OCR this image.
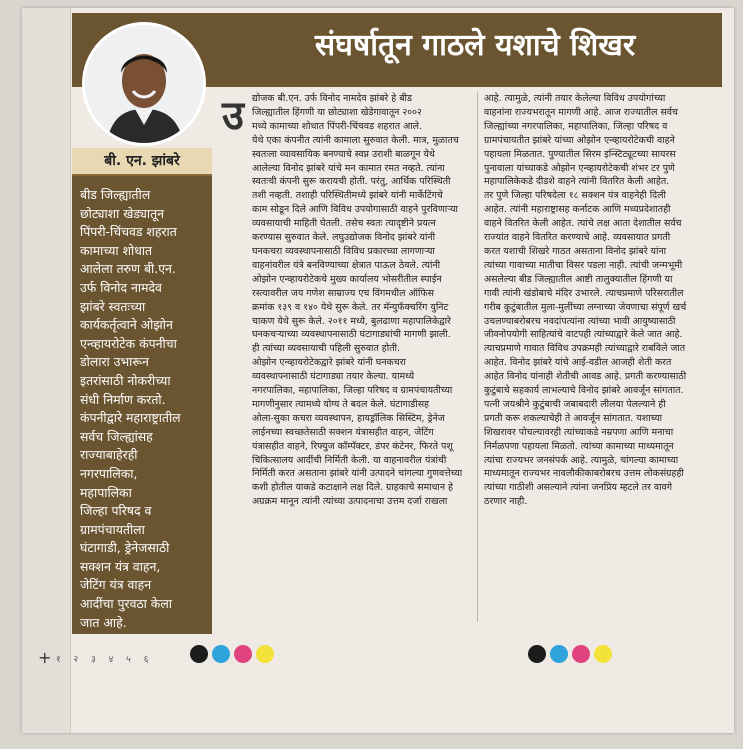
संघर्षातून गाठले यशाचे शिखर
बी. एन. झांबरे
बीड जिल्ह्यातील
छोट्याशा खेड्यातून
पिंपरी-चिंचवड शहरात
कामाच्या शोधात
आलेला तरुण बी.एन.
उर्फ विनोद नामदेव
झांबरे स्वतःच्या
कार्यकर्तृत्वाने ओझोन
एन्व्हायरोटेक कंपनीचा
डोलारा उभारून
इतरांसाठी नोकरीच्या
संधी निर्माण करतो.
कंपनीद्वारे महाराष्ट्रातील
सर्वच जिल्ह्यांसह
राज्याबाहेरही
नगरपालिका,
महापालिका
जिल्हा परिषद व
ग्रामपंचायतीला
घंटागाडी, ड्रेनेजसाठी
सक्शन यंत्र वाहन,
जेटिंग यंत्र वाहन
आदींचा पुरवठा केला
जात आहे.
उ द्योजक बी.एन. उर्फ विनोद नामदेव झांबरे हे बीड
जिल्ह्यातील हिंगणी या छोट्याशा खेडेगावातून २००२
मध्ये कामाच्या शोधात पिंपरी-चिंचवड शहरात आले.
येथे एका कंपनीत त्यांनी कामाला सुरुवात केली. मात्र, मुळातच
स्वतःला व्यावसायिक बनण्याचे स्वप्न उराशी बाळगून येथे
आलेल्या विनोद झांबरे यांचे मन कामात रमत नव्हते. त्यांना
स्वतःची कंपनी सुरू करायची होती. परंतु, आर्थिक परिस्थिती
तशी नव्हती. तशाही परिस्थितीमध्ये झांबरे यांनी मार्केटिंगचे
काम सोडून दिले आणि विविध उपयोगासाठी वाहने पुरविणाऱ्या
व्यवसायाची माहिती घेतली. तसेच स्वतः त्यादृष्टीने प्रयत्न
करण्यास सुरुवात केले. लघुउद्योजक विनोद झांबरे यांनी
घनकचरा व्यवस्थापनासाठी विविध प्रकारच्या लागणाऱ्या
वाहनांवरील यंत्रे बनविण्याच्या क्षेत्रात पाऊल ठेवले. त्यांनी
ओझोन एन्व्हायरोटेकचे मुख्य कार्यालय भोसरीतील स्पाईन
रस्त्यावरील जय गणेश साम्राज्य एच विंगमधील ऑफिस
क्रमांक १३९ व १४० येथे सुरू केले. तर मॅन्युफॅक्चरिंग युनिट
चाकण येथे सुरू केले. २०११ मध्ये, बुलढाणा महापालिकेद्वारे
घनकचऱ्याच्या व्यवस्थापनासाठी घंटागाड्यांची मागणी झाली.
ही त्यांच्या व्यवसायाची पहिली सुरुवात होती.
ओझोन एन्व्हायरोटेकद्वारे झांबरे यांनी घनकचरा
व्यवस्थापनासाठी घंटागाड्या तयार केल्या. यामध्ये
नगरपालिका, महापालिका, जिल्हा परिषद व ग्रामपंचायतीच्या
मागणीनुसार त्यामध्ये योग्य ते बदल केले. घंटागाडीसह
ओला-सुका कचरा व्यवस्थापन, हायड्रॉलिक सिस्टिम, ड्रेनेज
लाईनच्या स्वच्छतेसाठी सक्शन यंत्रासहीत वाहन, जेटिंग
यंत्रासहीत वाहने, रिफ्युज कॉम्पॅक्टर, डंपर कंटेनर, फिरते पशू
चिकित्सालय आदींची निर्मिती केली. या वाहनावरील यंत्रांची
निर्मिती करत असताना झांबरे यांनी उत्पादने चांगल्या गुणवत्तेच्या
कशी होतील याकडे कटाक्षाने लक्ष दिले. ग्राहकाचे समाधान हे
अग्रक्रम मानून त्यांनी त्यांच्या उत्पादनाचा उत्तम दर्जा राखला
आहे. त्यामुळे, त्यांनी तयार केलेल्या विविध उपयोगांच्या
वाहनांना राज्यभरातून मागणी आहे. आज राज्यातील सर्वच
जिल्ह्यांच्या नगरपालिका, महापालिका, जिल्हा परिषद व
ग्रामपंचायतीत झांबरे यांच्या ओझोन एन्व्हायरोटेकची वाहने
पहायला मिळतात. पुण्यातील सिरम इन्स्टिट्यूटच्या सायरस
पुनावाला यांच्याकडे ओझोन एन्व्हायरोटेकची शंभर टर पुणे
महापालिकेकडे दीडशे वाहने त्यांनी वितरित केली आहेत.
तर पुणे जिल्हा परिषदेला १८ सक्शन यंत्र वाहनेही दिली
आहेत. त्यांनी महाराष्ट्रासह कर्नाटक आणि मध्यप्रदेशातही
वाहने वितरित केली आहेत. त्यांचे लक्ष आता देशातील सर्वच
राज्यांत वाहने वितरित करण्याचे आहे. व्यवसायात प्रगती
करत यशाची शिखरे गाठत असताना विनोद झांबरे यांना
त्यांच्या गावाच्या मातीचा विसर पडला नाही. त्यांची जन्मभूमी
असलेल्या बीड जिल्ह्यातील आष्टी तालुक्यातील हिंगणी या
गावी त्यांनी खंडोबाचे मंदिर उभारले. त्याचप्रमाणे परिसरातील
गरीब कुटुंबातील मुला-मुलींच्या लग्नाच्या जेवणाचा संपूर्ण खर्च
उचलण्याबरोबरच नवदांपत्यांना त्यांच्या भावी आयुष्यासाठी
जीवनोपयोगी साहित्यांचे वाटपही त्यांच्याद्वारे केले जात आहे.
त्याचप्रमाणे गावात विविध उपक्रमही त्यांच्याद्वारे राबविले जात
आहेत. विनोद झांबरे यांचे आई-वडील आजही शेती करत
आहेत विनोद यांनाही शेतीची आवड आहे. प्रगती करण्यासाठी
कुटुंबाचे सहकार्य लाभल्याचे विनोद झांबरे आवर्जून सांगतात.
पत्नी जयश्रीने कुटुंबाची जबाबदारी लीलया पेलल्याने ही
प्रगती करू शकल्याचेही ते आवर्जून सांगतात. यशाच्या
शिखरावर पोचल्यावरही त्यांच्याकडे नम्रपणा आणि मनाचा
निर्मळपणा पहायला मिळतो. त्यांच्या कामाच्या माध्यमातून
त्यांचा राज्यभर जनसंपर्क आहे. त्यामुळे, चांगल्या कामाच्या
माध्यमातून राज्यभर नावलौकीकाबरोबरच उत्तम लोकसंग्रहही
त्यांच्या गाठीशी असल्याने त्यांना जनप्रिय म्हटले तर वावगे
ठरणार नाही.
+ १ २ ३ ४ ५ ६
